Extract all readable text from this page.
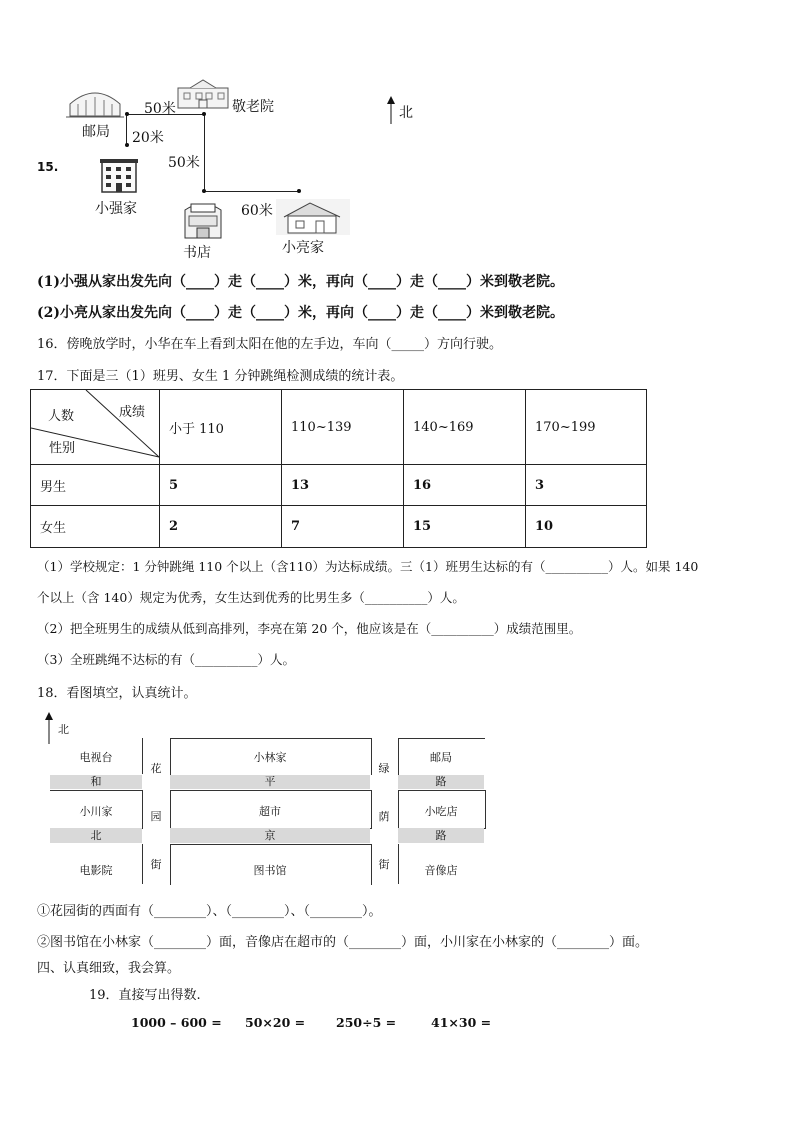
15.
邮局
敬老院
50米
20米
50米
60米
北
小强家
书店	小亮家
(1)小强从家出发先向（____）走（____）米，再向（____）走（____）米到敬老院。
(2)小亮从家出发先向（____）走（____）米，再向（____）走（____）米到敬老院。
16．傍晚放学时，小华在车上看到太阳在他的左手边，车向（_____）方向行驶。
17．下面是三（1）班男、女生 1 分钟跳绳检测成绩的统计表。
成绩
人数
性别	小于 110	110~139	140~169	170~199
男生	5	13	16	3
女生	2	7	15	10
（1）学校规定：1 分钟跳绳 110 个以上（含110）为达标成绩。三（1）班男生达标的有（__________）人。如果 140
个以上（含 140）规定为优秀，女生达到优秀的比男生多（__________）人。
（2）把全班男生的成绩从低到高排列，李亮在第 20 个，他应该是在（__________）成绩范围里。
（3）全班跳绳不达标的有（__________）人。
18．看图填空，认真统计。
北
电视台	小林家	邮局
小川家	超市	小吃店
电影院	图书馆	音像店
和	平	路
北	京	路
花
园
街
绿
荫
街
①花园街的西面有（________）、（________）、（________）。
②图书馆在小林家（________）面，音像店在超市的（________）面，小川家在小林家的（________）面。
四、认真细致，我会算。
19．直接写出得数.
1000 – 600 = 50×20 = 250÷5 =	41×30 =
